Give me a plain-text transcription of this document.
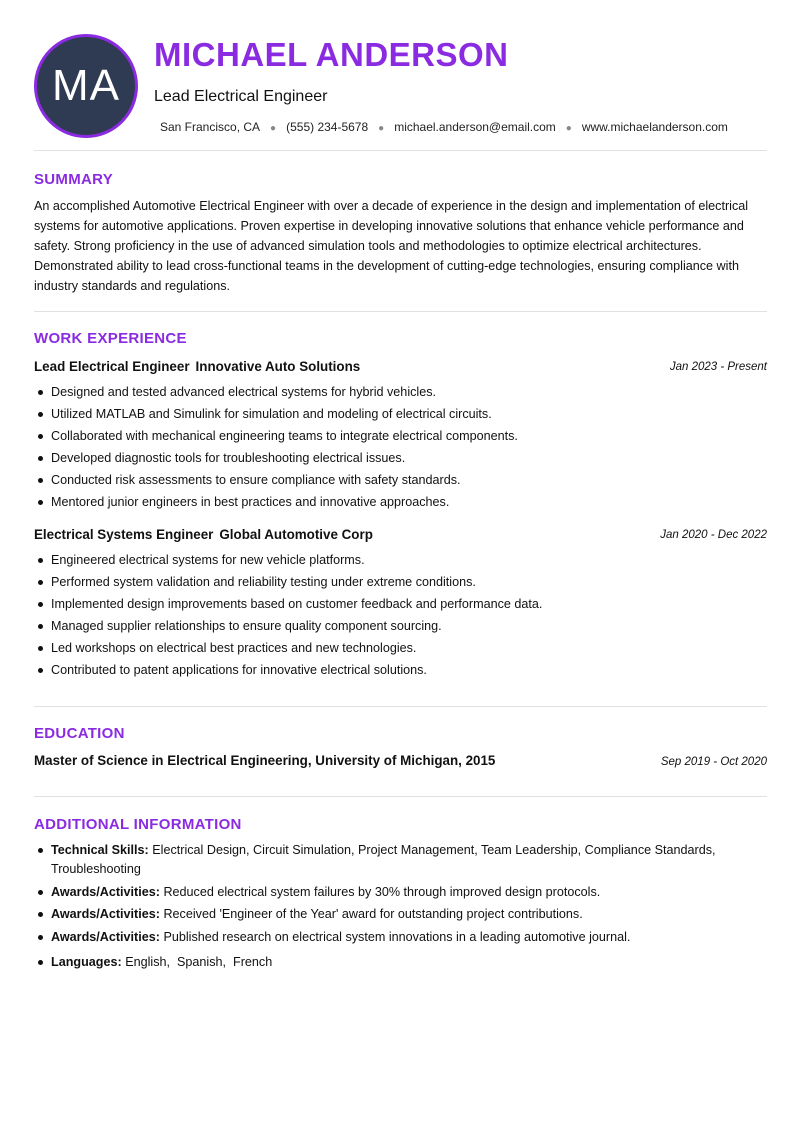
MA
MICHAEL ANDERSON
Lead Electrical Engineer
San Francisco, CA ● (555) 234-5678 ● michael.anderson@email.com ● www.michaelanderson.com
SUMMARY
An accomplished Automotive Electrical Engineer with over a decade of experience in the design and implementation of electrical systems for automotive applications. Proven expertise in developing innovative solutions that enhance vehicle performance and safety. Strong proficiency in the use of advanced simulation tools and methodologies to optimize electrical architectures. Demonstrated ability to lead cross-functional teams in the development of cutting-edge technologies, ensuring compliance with industry standards and regulations.
WORK EXPERIENCE
Lead Electrical Engineer Innovative Auto Solutions	Jan 2023 - Present
Designed and tested advanced electrical systems for hybrid vehicles.
Utilized MATLAB and Simulink for simulation and modeling of electrical circuits.
Collaborated with mechanical engineering teams to integrate electrical components.
Developed diagnostic tools for troubleshooting electrical issues.
Conducted risk assessments to ensure compliance with safety standards.
Mentored junior engineers in best practices and innovative approaches.
Electrical Systems Engineer Global Automotive Corp	Jan 2020 - Dec 2022
Engineered electrical systems for new vehicle platforms.
Performed system validation and reliability testing under extreme conditions.
Implemented design improvements based on customer feedback and performance data.
Managed supplier relationships to ensure quality component sourcing.
Led workshops on electrical best practices and new technologies.
Contributed to patent applications for innovative electrical solutions.
EDUCATION
Master of Science in Electrical Engineering, University of Michigan, 2015	Sep 2019 - Oct 2020
ADDITIONAL INFORMATION
Technical Skills: Electrical Design, Circuit Simulation, Project Management, Team Leadership, Compliance Standards, Troubleshooting
Awards/Activities: Reduced electrical system failures by 30% through improved design protocols.
Awards/Activities: Received 'Engineer of the Year' award for outstanding project contributions.
Awards/Activities: Published research on electrical system innovations in a leading automotive journal.
Languages: English,  Spanish,  French
